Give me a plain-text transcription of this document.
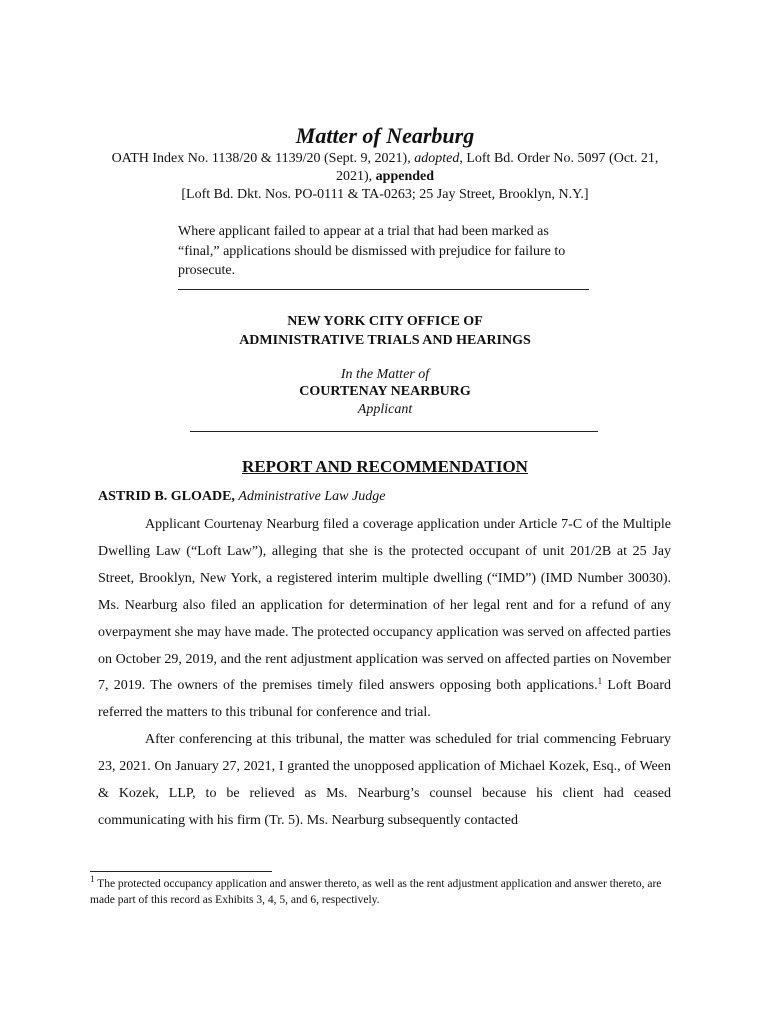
Matter of Nearburg
OATH Index No. 1138/20 & 1139/20 (Sept. 9, 2021), adopted, Loft Bd. Order No. 5097 (Oct. 21, 2021), appended
[Loft Bd. Dkt. Nos. PO-0111 & TA-0263; 25 Jay Street, Brooklyn, N.Y.]
Where applicant failed to appear at a trial that had been marked as “final,” applications should be dismissed with prejudice for failure to prosecute.
NEW YORK CITY OFFICE OF
ADMINISTRATIVE TRIALS AND HEARINGS
In the Matter of
COURTENAY NEARBURG
Applicant
REPORT AND RECOMMENDATION
ASTRID B. GLOADE, Administrative Law Judge

Applicant Courtenay Nearburg filed a coverage application under Article 7-C of the Multiple Dwelling Law (“Loft Law”), alleging that she is the protected occupant of unit 201/2B at 25 Jay Street, Brooklyn, New York, a registered interim multiple dwelling (“IMD”) (IMD Number 30030). Ms. Nearburg also filed an application for determination of her legal rent and for a refund of any overpayment she may have made. The protected occupancy application was served on affected parties on October 29, 2019, and the rent adjustment application was served on affected parties on November 7, 2019. The owners of the premises timely filed answers opposing both applications.$^1$ Loft Board referred the matters to this tribunal for conference and trial.

After conferencing at this tribunal, the matter was scheduled for trial commencing February 23, 2021. On January 27, 2021, I granted the unopposed application of Michael Kozek, Esq., of Ween & Kozek, LLP, to be relieved as Ms. Nearburg’s counsel because his client had ceased communicating with his firm (Tr. 5). Ms. Nearburg subsequently contacted

$^1$ The protected occupancy application and answer thereto, as well as the rent adjustment application and answer thereto, are made part of this record as Exhibits 3, 4, 5, and 6, respectively.
